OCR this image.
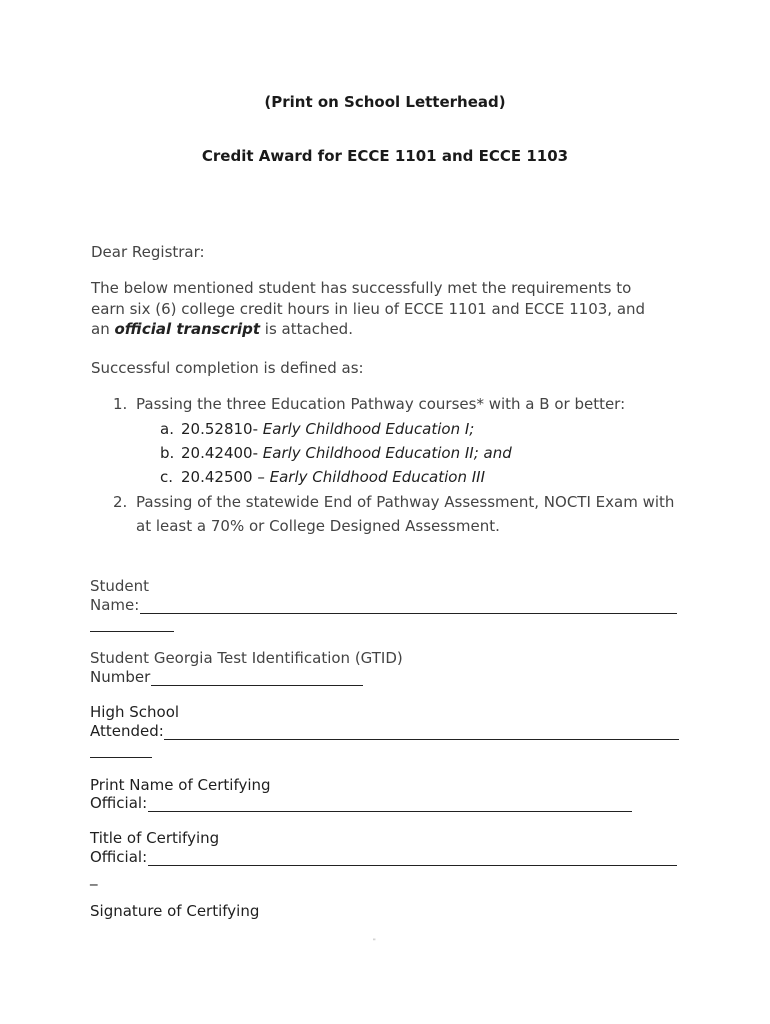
(Print on School Letterhead)
Credit Award for ECCE 1101 and ECCE 1103
Dear Registrar:
The below mentioned student has successfully met the requirements to
earn six (6) college credit hours in lieu of ECCE 1101 and ECCE 1103, and
an official transcript is attached.
Successful completion is defined as:
1. Passing the three Education Pathway courses* with a B or better:
a. 20.52810- Early Childhood Education I;
b. 20.42400- Early Childhood Education II; and
c. 20.42500 – Early Childhood Education III
2. Passing of the statewide End of Pathway Assessment, NOCTI Exam with
at least a 70% or College Designed Assessment.
Student
Name:
Student Georgia Test Identification (GTID)
Number
High School
Attended:
Print Name of Certifying
Official:
Title of Certifying
Official:
_
Signature of Certifying
"
